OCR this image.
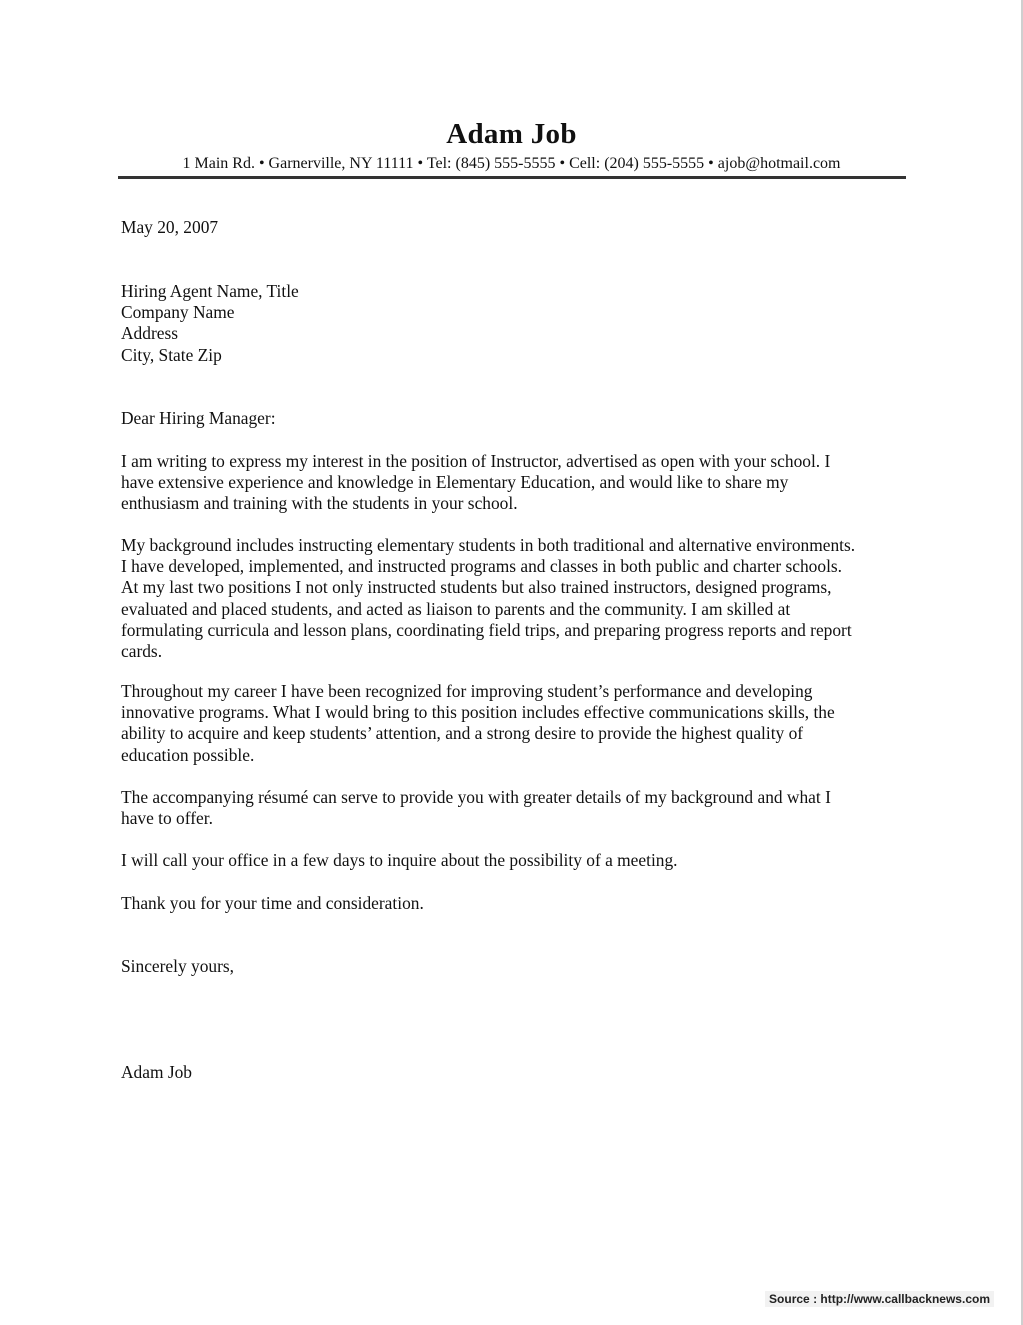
Adam Job
1 Main Rd. • Garnerville, NY 11111 • Tel: (845) 555-5555 • Cell: (204) 555-5555 • ajob@hotmail.com
May 20, 2007
Hiring Agent Name, Title
Company Name
Address
City, State Zip
Dear Hiring Manager:
I am writing to express my interest in the position of Instructor, advertised as open with your school. I
have extensive experience and knowledge in Elementary Education, and would like to share my
enthusiasm and training with the students in your school.
My background includes instructing elementary students in both traditional and alternative environments.
I have developed, implemented, and instructed programs and classes in both public and charter schools.
At my last two positions I not only instructed students but also trained instructors, designed programs,
evaluated and placed students, and acted as liaison to parents and the community. I am skilled at
formulating curricula and lesson plans, coordinating field trips, and preparing progress reports and report
cards.
Throughout my career I have been recognized for improving student’s performance and developing
innovative programs. What I would bring to this position includes effective communications skills, the
ability to acquire and keep students’ attention, and a strong desire to provide the highest quality of
education possible.
The accompanying résumé can serve to provide you with greater details of my background and what I
have to offer.
I will call your office in a few days to inquire about the possibility of a meeting.
Thank you for your time and consideration.
Sincerely yours,
Adam Job
Source : http://www.callbacknews.com
